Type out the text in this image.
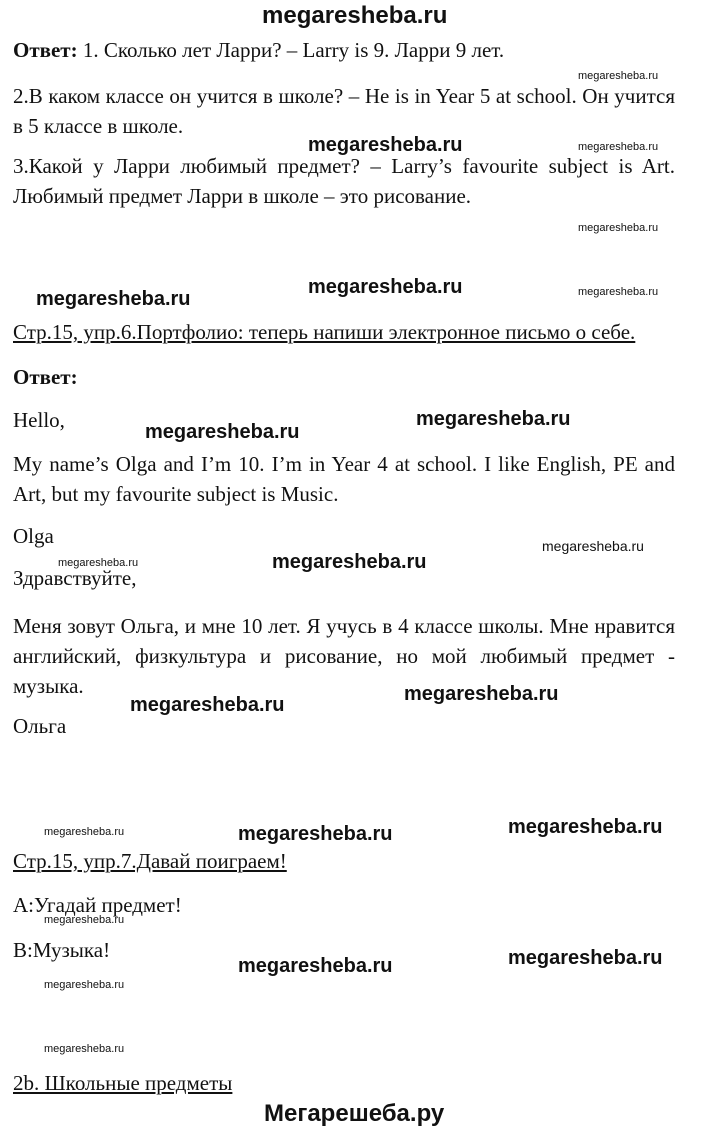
megaresheba.ru
Ответ: 1. Сколько лет Ларри? – Larry is 9. Ларри 9 лет.
2.В каком классе он учится в школе? – He is in Year 5 at school. Он учится в 5 классе в школе.
3.Какой у Ларри любимый предмет? – Larry’s favourite subject is Art. Любимый предмет Ларри в школе – это рисование.
Стр.15, упр.6.Портфолио: теперь напиши электронное письмо о себе.
Ответ:
Hello,
My name’s Olga and I’m 10. I’m in Year 4 at school. I like English, PE and Art, but my favourite subject is Music.
Olga
Здравствуйте,
Меня зовут Ольга, и мне 10 лет. Я учусь в 4 классе школы. Мне нравится английский, физкультура и рисование, но мой любимый предмет - музыка.
Ольга
Стр.15, упр.7.Давай поиграем!
A:Угадай предмет!
B:Музыка!
2b. Школьные предметы
Мегарешеба.ру
megaresheba.ru
megaresheba.ru
megaresheba.ru
megaresheba.ru
megaresheba.ru
megaresheba.ru
megaresheba.ru
megaresheba.ru
megaresheba.ru
megaresheba.ru
megaresheba.ru
megaresheba.ru
megaresheba.ru
megaresheba.ru
megaresheba.ru
megaresheba.ru
megaresheba.ru
megaresheba.ru
megaresheba.ru
megaresheba.ru
megaresheba.ru
megaresheba.ru
